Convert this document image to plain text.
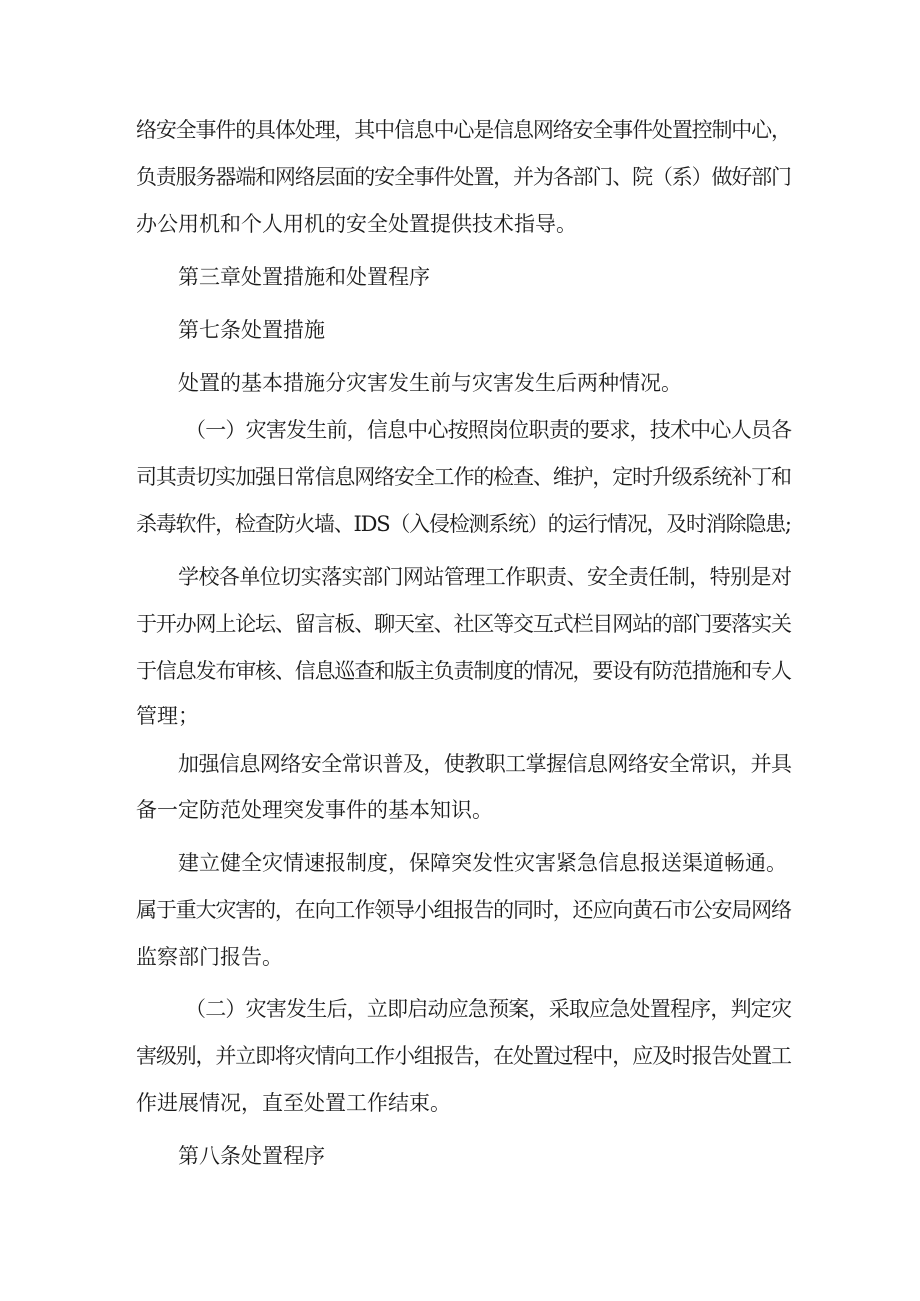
络安全事件的具体处理，其中信息中心是信息网络安全事件处置控制中心，
负责服务器端和网络层面的安全事件处置，并为各部门、院（系）做好部门
办公用机和个人用机的安全处置提供技术指导。
第三章处置措施和处置程序
第七条处置措施
处置的基本措施分灾害发生前与灾害发生后两种情况。
（一）灾害发生前，信息中心按照岗位职责的要求，技术中心人员各
司其责切实加强日常信息网络安全工作的检查、维护，定时升级系统补丁和
杀毒软件，检查防火墙、IDS（入侵检测系统）的运行情况，及时消除隐患;
学校各单位切实落实部门网站管理工作职责、安全责任制，特别是对
于开办网上论坛、留言板、聊天室、社区等交互式栏目网站的部门要落实关
于信息发布审核、信息巡查和版主负责制度的情况，要设有防范措施和专人
管理；
加强信息网络安全常识普及，使教职工掌握信息网络安全常识，并具
备一定防范处理突发事件的基本知识。
建立健全灾情速报制度，保障突发性灾害紧急信息报送渠道畅通。
属于重大灾害的，在向工作领导小组报告的同时，还应向黄石市公安局网络
监察部门报告。
（二）灾害发生后，立即启动应急预案，采取应急处置程序，判定灾
害级别，并立即将灾情向工作小组报告，在处置过程中，应及时报告处置工
作进展情况，直至处置工作结束。
第八条处置程序
